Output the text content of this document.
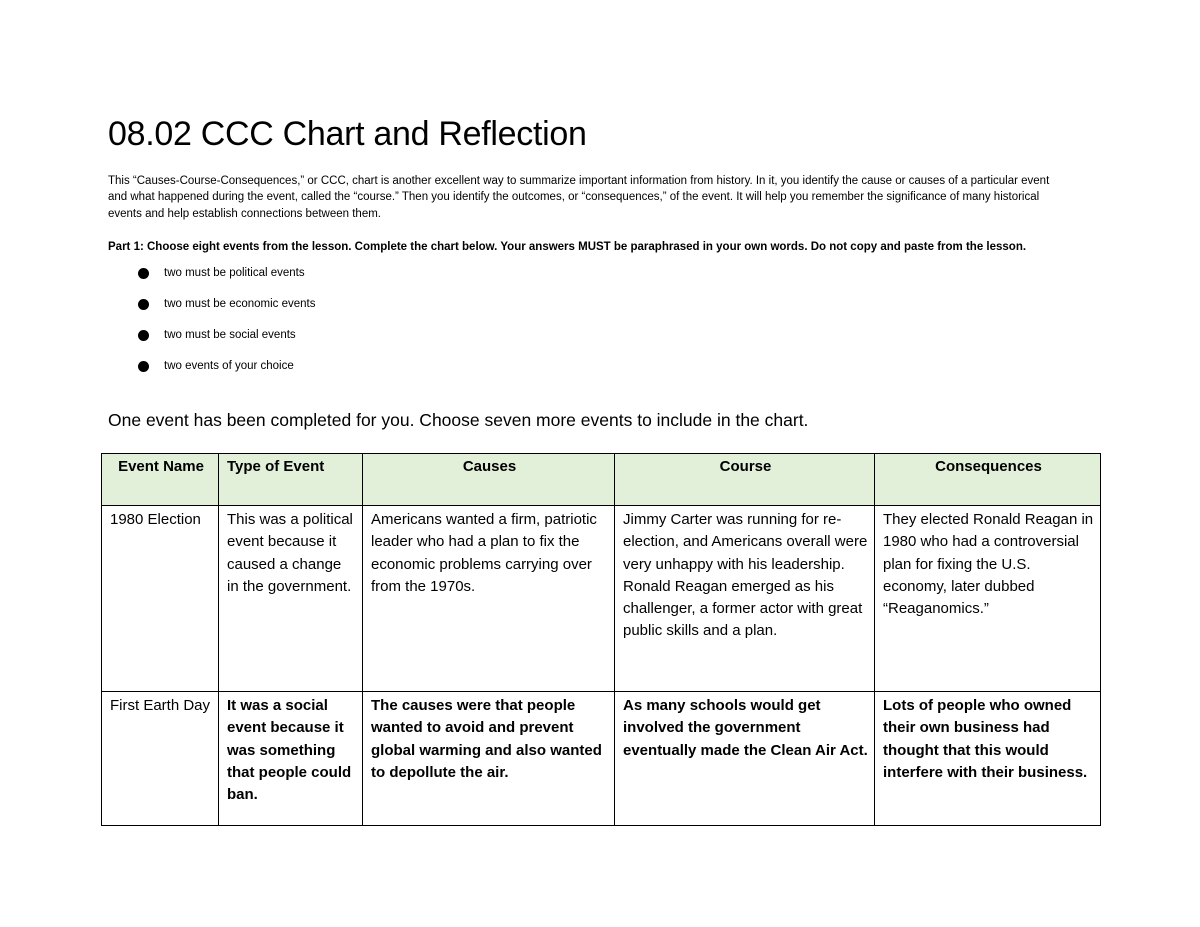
08.02 CCC Chart and Reflection

This “Causes-Course-Consequences,” or CCC, chart is another excellent way to summarize important information from history. In it, you identify the cause or causes of a particular event and what happened during the event, called the “course.” Then you identify the outcomes, or “consequences,” of the event. It will help you remember the significance of many historical events and help establish connections between them.

Part 1: Choose eight events from the lesson. Complete the chart below. Your answers MUST be paraphrased in your own words. Do not copy and paste from the lesson.

two must be political events
two must be economic events
two must be social events
two events of your choice

One event has been completed for you. Choose seven more events to include in the chart.

Event Name	Type of Event	Causes	Course	Consequences
1980 Election	This was a political event because it caused a change in the government.	Americans wanted a firm, patriotic leader who had a plan to fix the economic problems carrying over from the 1970s.	Jimmy Carter was running for re-election, and Americans overall were very unhappy with his leadership. Ronald Reagan emerged as his challenger, a former actor with great public skills and a plan.	They elected Ronald Reagan in 1980 who had a controversial plan for fixing the U.S. economy, later dubbed “Reaganomics.”
First Earth Day	It was a social event because it was something that people could ban.	The causes were that people wanted to avoid and prevent global warming and also wanted to depollute the air.	As many schools would get involved the government eventually made the Clean Air Act.	Lots of people who owned their own business had thought that this would interfere with their business.
